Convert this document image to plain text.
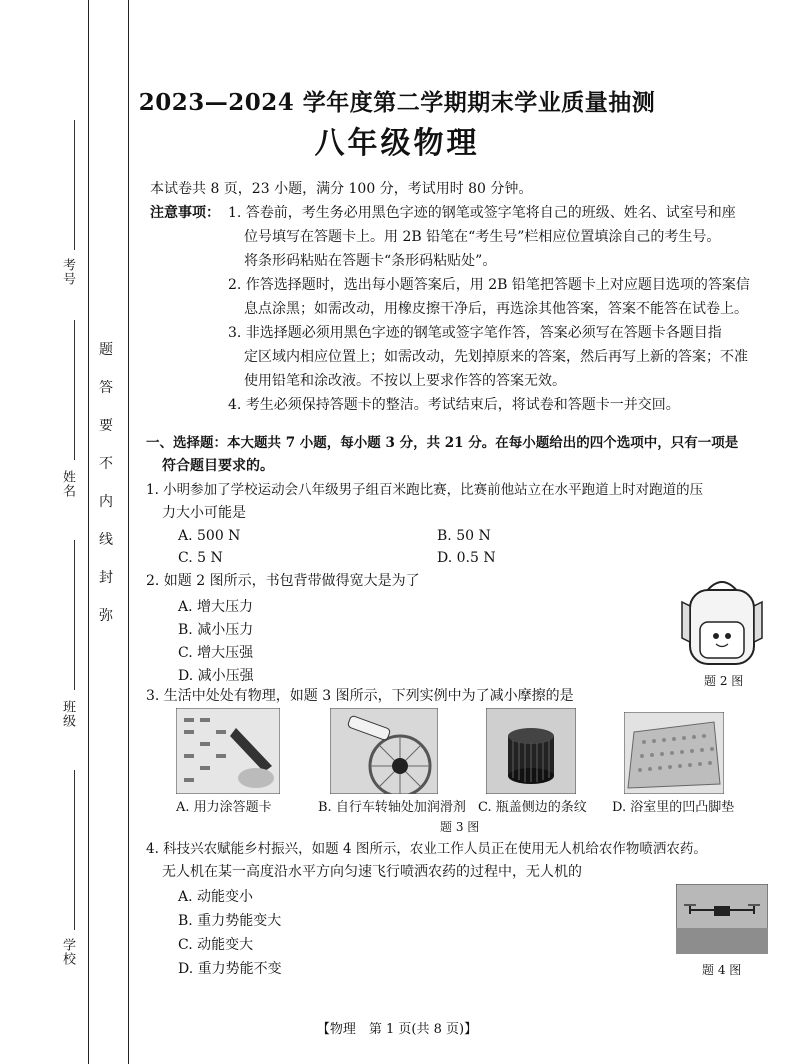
考号
姓名
班级
学校
题
答
要
不
内
线
封
弥
2023—2024 学年度第二学期期末学业质量抽测
八年级物理
本试卷共 8 页，23 小题，满分 100 分，考试用时 80 分钟。
注意事项： 1. 答卷前，考生务必用黑色字迹的钢笔或签字笔将自己的班级、姓名、试室号和座
位号填写在答题卡上。用 2B 铅笔在“考生号”栏相应位置填涂自己的考生号。
将条形码粘贴在答题卡“条形码粘贴处”。
2. 作答选择题时，选出每小题答案后，用 2B 铅笔把答题卡上对应题目选项的答案信
息点涂黑；如需改动，用橡皮擦干净后，再选涂其他答案，答案不能答在试卷上。
3. 非选择题必须用黑色字迹的钢笔或签字笔作答，答案必须写在答题卡各题目指
定区域内相应位置上；如需改动，先划掉原来的答案，然后再写上新的答案；不准
使用铅笔和涂改液。不按以上要求作答的答案无效。
4. 考生必须保持答题卡的整洁。考试结束后，将试卷和答题卡一并交回。
一、选择题：本大题共 7 小题，每小题 3 分，共 21 分。在每小题给出的四个选项中，只有一项是
符合题目要求的。
1. 小明参加了学校运动会八年级男子组百米跑比赛，比赛前他站立在水平跑道上时对跑道的压
力大小可能是
A. 500 N	B. 50 N
C. 5 N	D. 0.5 N
2. 如题 2 图所示，书包背带做得宽大是为了
A. 增大压力
B. 减小压力
C. 增大压强
D. 减小压强	题 2 图
3. 生活中处处有物理，如题 3 图所示，下列实例中为了减小摩擦的是
A. 用力涂答题卡	B. 自行车转轴处加润滑剂 C. 瓶盖侧边的条纹 D. 浴室里的凹凸脚垫
题 3 图
4. 科技兴农赋能乡村振兴，如题 4 图所示，农业工作人员正在使用无人机给农作物喷洒农药。
无人机在某一高度沿水平方向匀速飞行喷洒农药的过程中，无人机的
A. 动能变小
B. 重力势能变大
C. 动能变大
D. 重力势能不变	题 4 图
【物理　第 1 页(共 8 页)】
